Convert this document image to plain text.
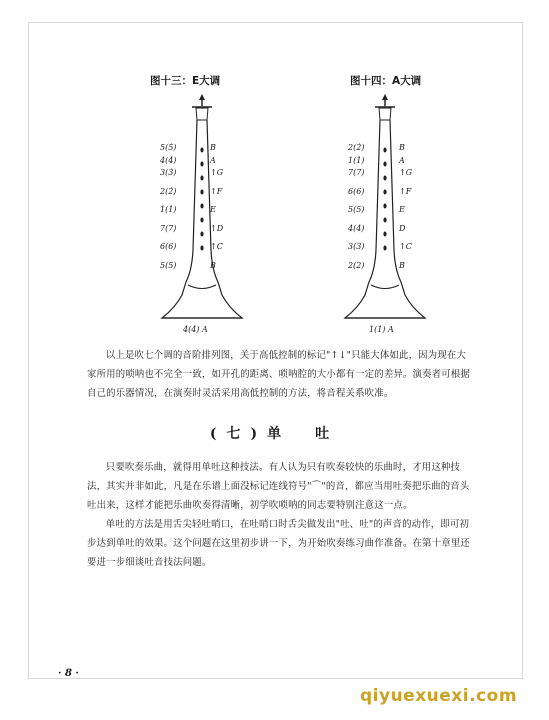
图十三：E大调
5(5̇)
4(4̇)
3(3̇)
2(2̇)
1(1̇)
7(7)
6(6)
5(5)
B
A
↑G
↑F
E
↑D
↑C
B
4(4̇) A
图十四：A大调
2(2̇)
1(1̇)
7(7)
6(6)
5(5)
4(4)
3(3)
2(2)
B
A
↑G
↑F
E
D
↑C
B
1(1̇) A

以上是吹七个调的音阶排列图，关于高低控制的标记"↑↓"只能大体如此，因为现在大家所用的唢呐也不完全一致，如开孔的距离、唢呐腔的大小都有一定的差异。演奏者可根据自己的乐器情况，在演奏时灵活采用高低控制的方法，将音程关系吹准。

(七)单　吐

只要吹奏乐曲，就得用单吐这种技法。有人认为只有吹奏较快的乐曲时，才用这种技法，其实并非如此，凡是在乐谱上面没标记连线符号"⌒"的音，都应当用吐奏把乐曲的音头吐出来，这样才能把乐曲吹奏得清晰，初学吹唢呐的同志要特别注意这一点。

单吐的方法是用舌尖轻吐哨口，在吐哨口时舌尖做发出"吐、吐"的声音的动作，即可初步达到单吐的效果。这个问题在这里初步讲一下，为开始吹奏练习曲作准备。在第十章里还要进一步细谈吐音技法问题。

· 8 ·
qiyuexuexi.com
